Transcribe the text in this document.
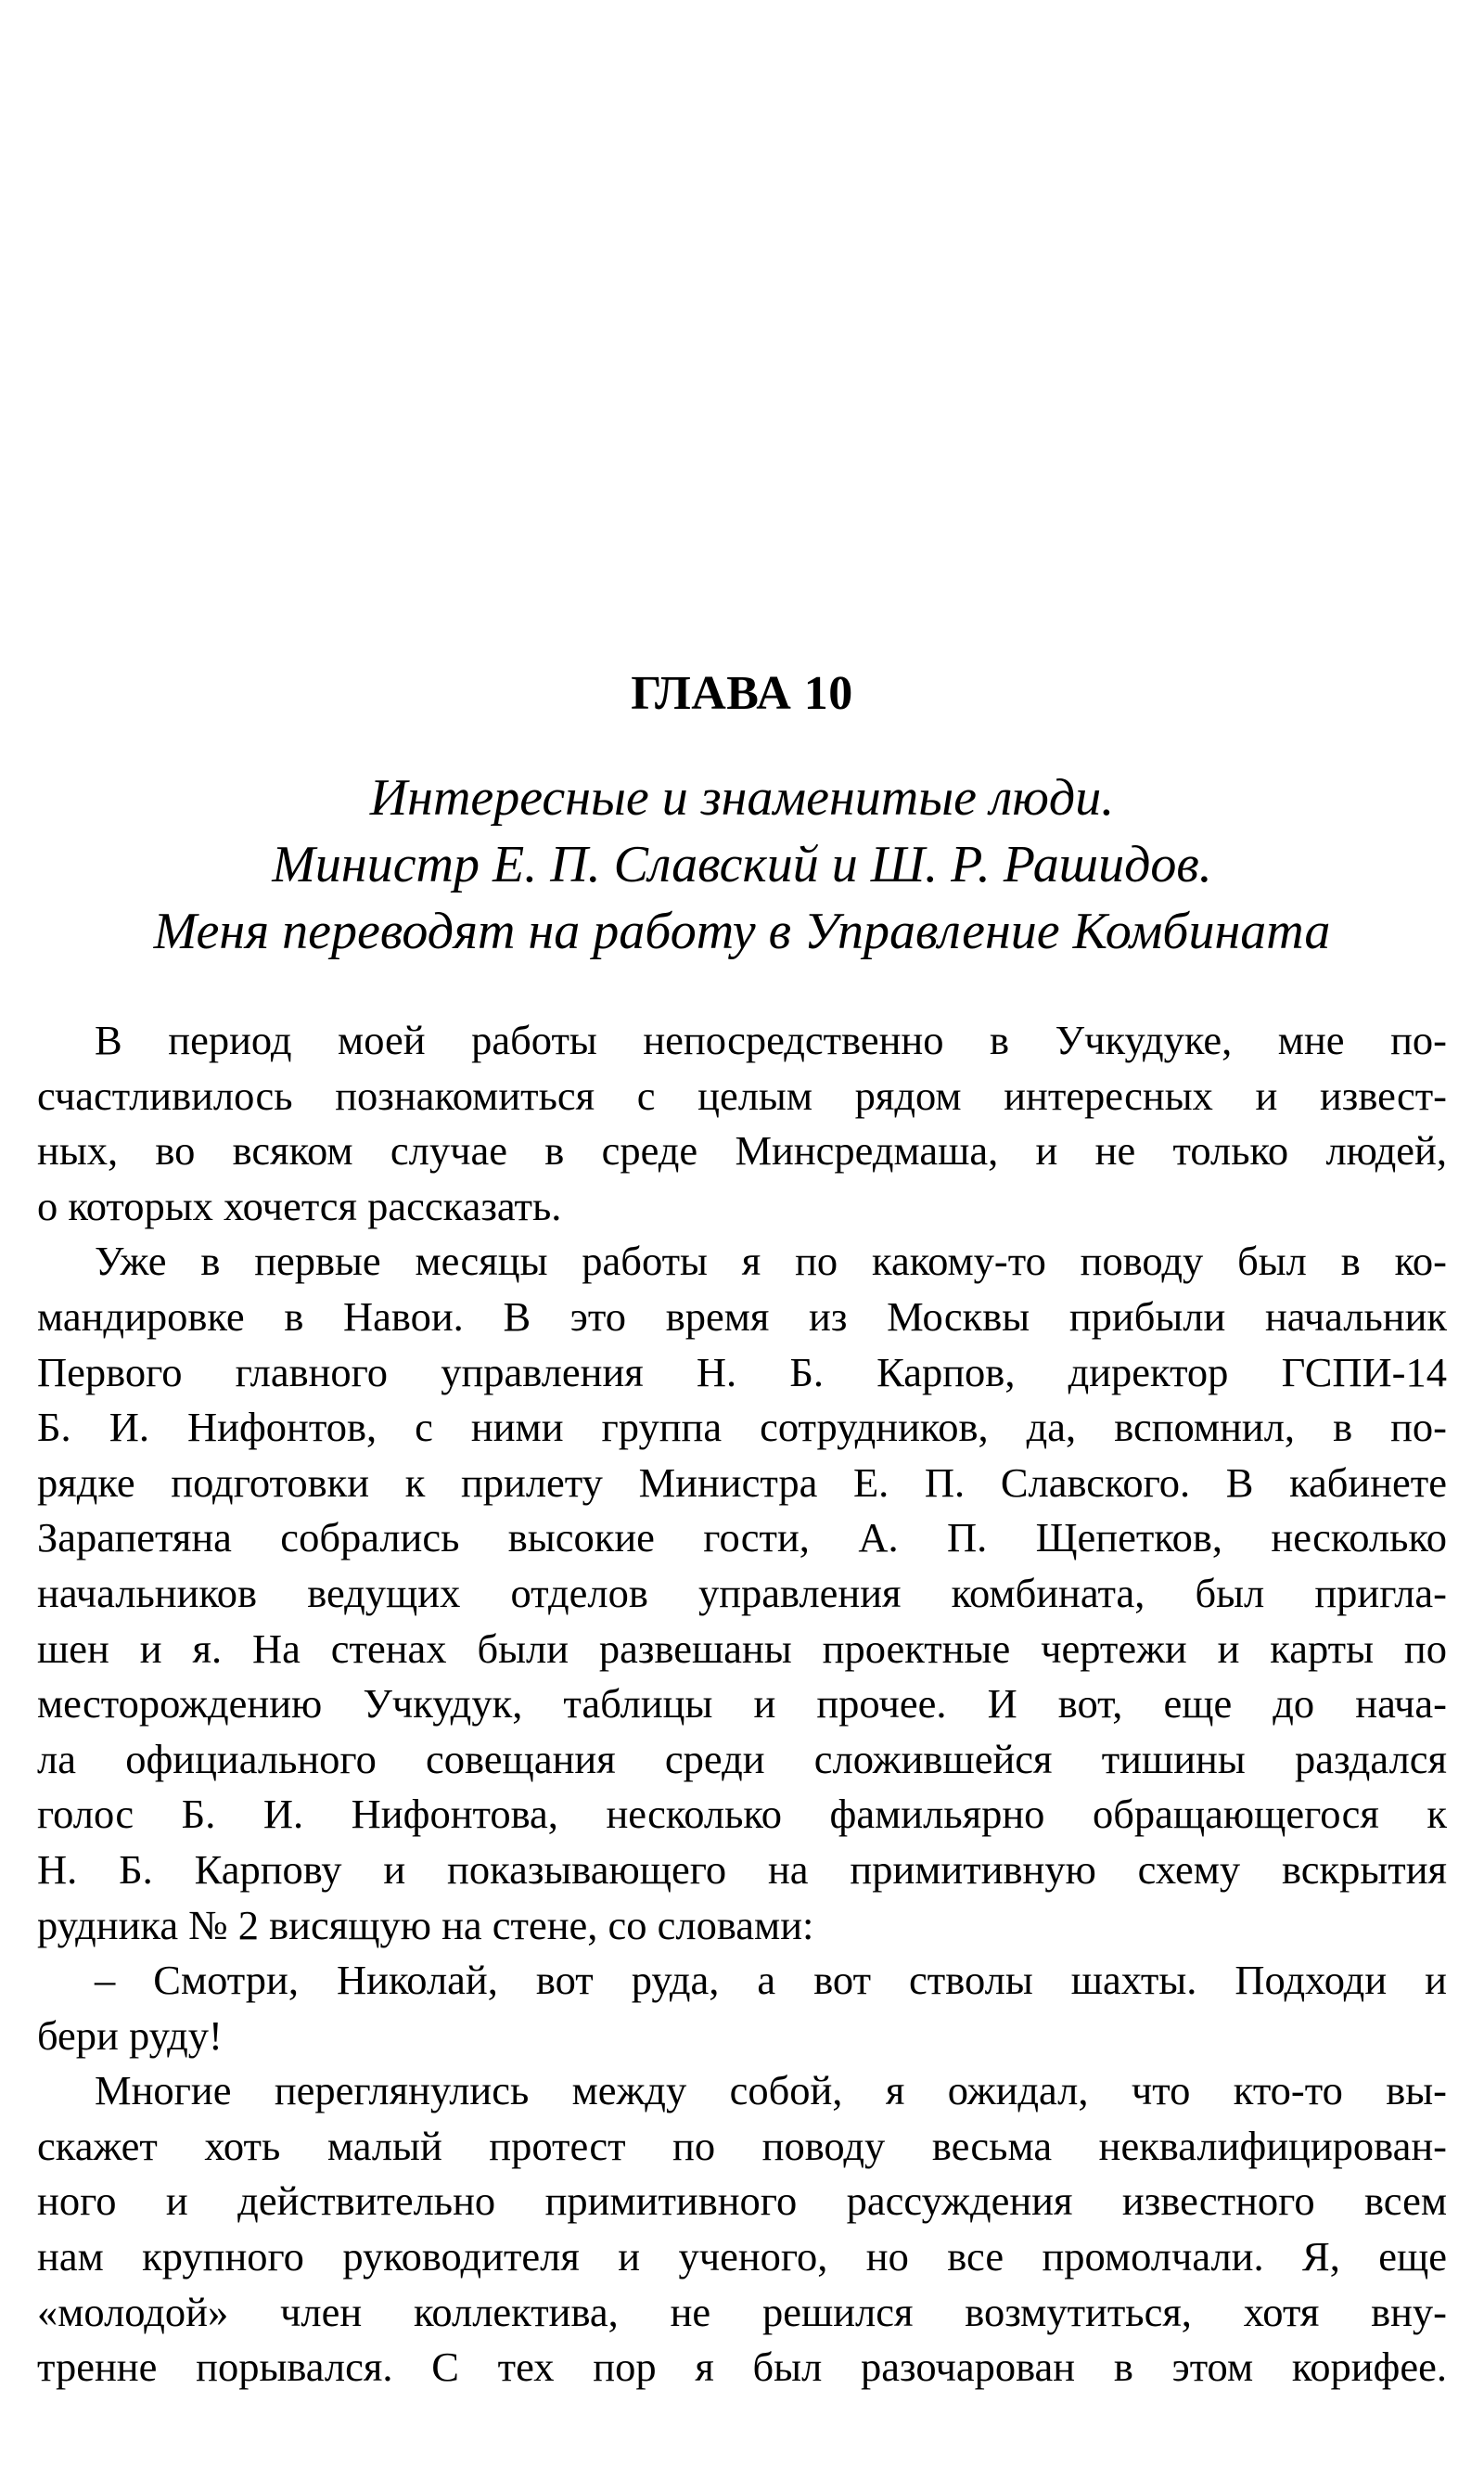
ГЛАВА 10
Интересные и знаменитые люди.
Министр Е. П. Славский и Ш. Р. Рашидов.
Меня переводят на работу в Управление Комбината
В период моей работы непосредственно в Учкудуке, мне по-
счастливилось познакомиться с целым рядом интересных и извест-
ных, во всяком случае в среде Минсредмаша, и не только людей,
о которых хочется рассказать.
Уже в первые месяцы работы я по какому-то поводу был в ко-
мандировке в Навои. В это время из Москвы прибыли начальник
Первого главного управления Н. Б. Карпов, директор ГСПИ-14
Б. И. Нифонтов, с ними группа сотрудников, да, вспомнил, в по-
рядке подготовки к прилету Министра Е. П. Славского. В кабинете
Зарапетяна собрались высокие гости, А. П. Щепетков, несколько
начальников ведущих отделов управления комбината, был пригла-
шен и я. На стенах были развешаны проектные чертежи и карты по
месторождению Учкудук, таблицы и прочее. И вот, еще до нача-
ла официального совещания среди сложившейся тишины раздался
голос Б. И. Нифонтова, несколько фамильярно обращающегося к
Н. Б. Карпову и показывающего на примитивную схему вскрытия
рудника № 2 висящую на стене, со словами:
– Смотри, Николай, вот руда, а вот стволы шахты. Подходи и
бери руду!
Многие переглянулись между собой, я ожидал, что кто-то вы-
скажет хоть малый протест по поводу весьма неквалифицирован-
ного и действительно примитивного рассуждения известного всем
нам крупного руководителя и ученого, но все промолчали. Я, еще
«молодой» член коллектива, не решился возмутиться, хотя вну-
тренне порывался. С тех пор я был разочарован в этом корифее.
